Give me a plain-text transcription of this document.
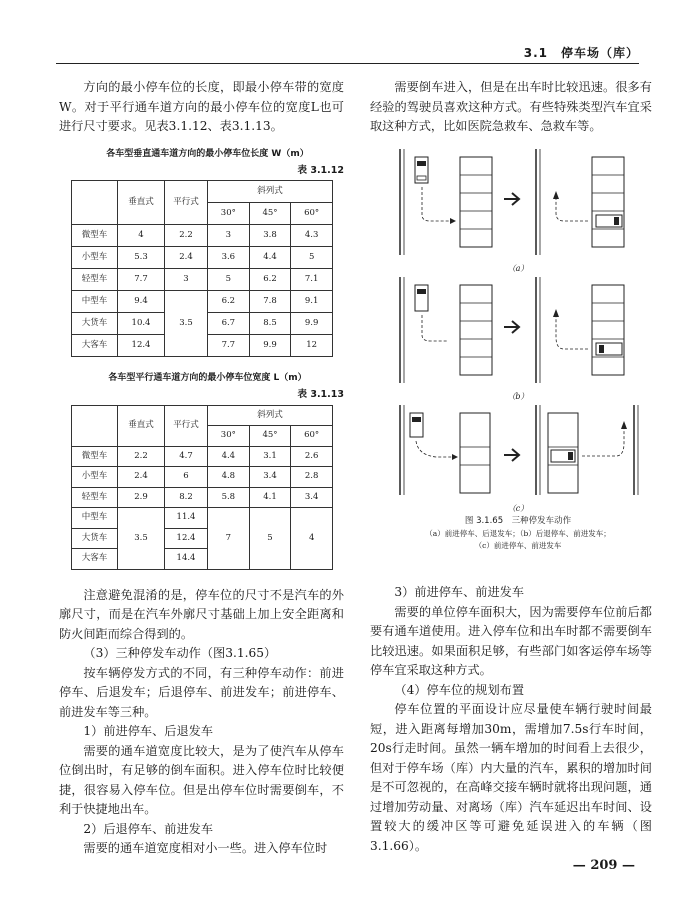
3.1　停车场（库）

方向的最小停车位的长度，即最小停车带的宽度W。对于平行通车道方向的最小停车位的宽度L也可进行尺寸要求。见表3.1.12、表3.1.13。

各车型垂直通车道方向的最小停车位长度 W（m）

表 3.1.12

	垂直式	平行式	斜列式		
			30°	45°	60°
微型车	4	2.2	3	3.8	4.3
小型车	5.3	2.4	3.6	4.4	5
轻型车	7.7	3	5	6.2	7.1
中型车	9.4	3.5	6.2	7.8	9.1
大货车	10.4		6.7	8.5	9.9
大客车	12.4		7.7	9.9	12

各车型平行通车道方向的最小停车位宽度 L（m）

表 3.1.13

	垂直式	平行式	斜列式		
			30°	45°	60°
微型车	2.2	4.7	4.4	3.1	2.6
小型车	2.4	6	4.8	3.4	2.8
轻型车	2.9	8.2	5.8	4.1	3.4
中型车	3.5	11.4	7	5	4
大货车		12.4			
大客车		14.4			

注意避免混淆的是，停车位的尺寸不是汽车的外廓尺寸，而是在汽车外廓尺寸基础上加上安全距离和防火间距而综合得到的。

（3）三种停发车动作（图3.1.65）

按车辆停发方式的不同，有三种停车动作：前进停车、后退发车；后退停车、前进发车；前进停车、前进发车等三种。

1）前进停车、后退发车

需要的通车道宽度比较大，是为了使汽车从停车位倒出时，有足够的倒车面积。进入停车位时比较便捷，很容易入停车位。但是出停车位时需要倒车，不利于快捷地出车。

2）后退停车、前进发车

需要的通车道宽度相对小一些。进入停车位时

需要倒车进入，但是在出车时比较迅速。很多有经验的驾驶员喜欢这种方式。有些特殊类型汽车宜采取这种方式，比如医院急救车、急救车等。

（a）

（b）

（c）

图 3.1.65　三种停发车动作

（a）前进停车、后退发车；（b）后退停车、前进发车；

（c）前进停车、前进发车

3）前进停车、前进发车

需要的单位停车面积大，因为需要停车位前后都要有通车道使用。进入停车位和出车时都不需要倒车比较迅速。如果面积足够，有些部门如客运停车场等停车宜采取这种方式。

（4）停车位的规划布置

停车位置的平面设计应尽量使车辆行驶时间最短，进入距离每增加30m，需增加7.5s行车时间，20s行走时间。虽然一辆车增加的时间看上去很少，但对于停车场（库）内大量的汽车，累积的增加时间是不可忽视的，在高峰交接车辆时就将出现问题，通过增加劳动量、对离场（库）汽车延迟出车时间、设置较大的缓冲区等可避免延误进入的车辆（图3.1.66）。

— 209 —
